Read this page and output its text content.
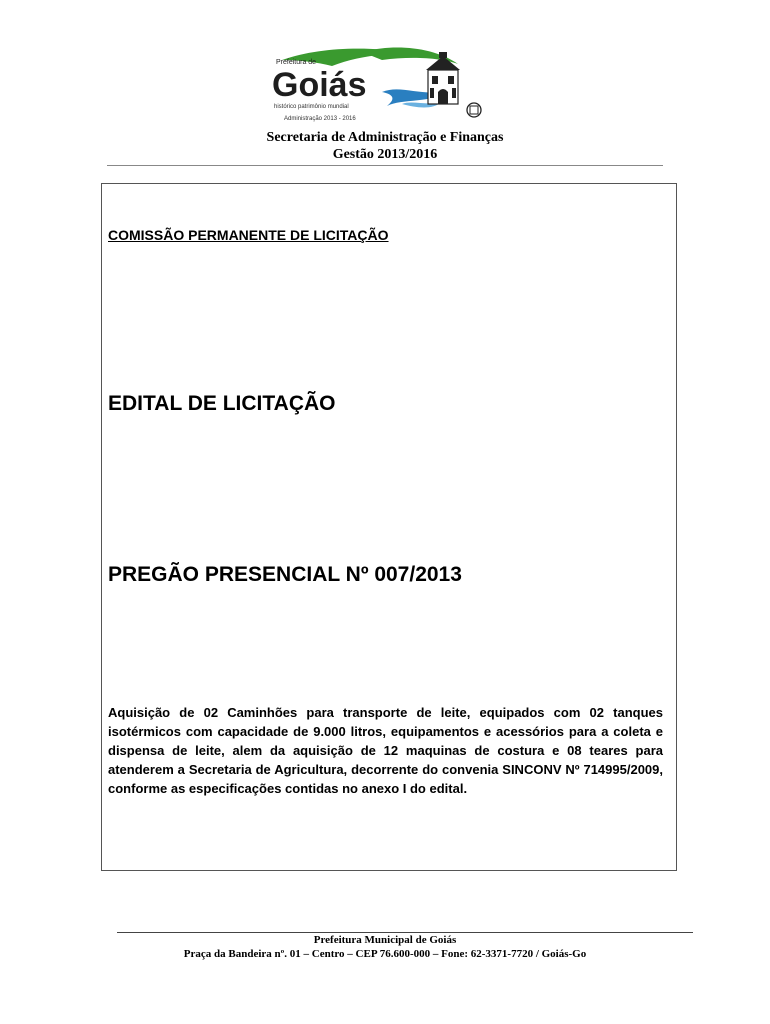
Prefeitura de
Goiás
histórico patrimônio mundial
Administração 2013 - 2016
Secretaria de Administração e Finanças
Gestão 2013/2016
COMISSÃO PERMANENTE DE LICITAÇÃO
EDITAL DE LICITAÇÃO
PREGÃO PRESENCIAL Nº 007/2013
Aquisição de 02 Caminhões para transporte de leite, equipados com 02 tanques isotérmicos com capacidade de 9.000 litros, equipamentos e acessórios para a coleta e dispensa de leite, alem da aquisição de 12 maquinas de costura e 08 teares para atenderem a Secretaria de Agricultura, decorrente do convenia SINCONV Nº 714995/2009, conforme as especificações contidas no anexo I do edital.
Prefeitura Municipal de Goiás
Praça da Bandeira nº. 01 – Centro – CEP 76.600-000 – Fone: 62-3371-7720 / Goiás-Go
